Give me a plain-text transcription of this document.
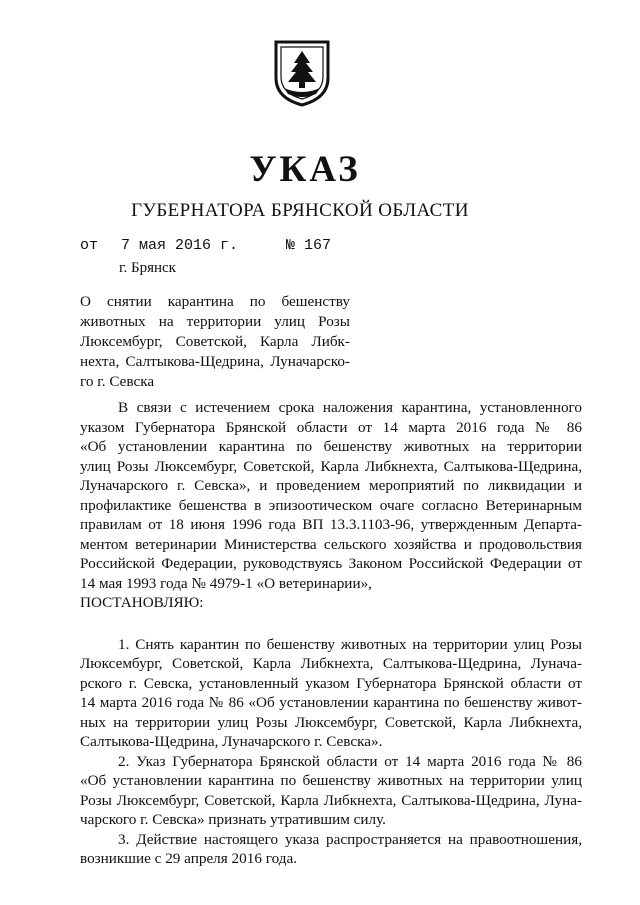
УКАЗ
ГУБЕРНАТОРА БРЯНСКОЙ ОБЛАСТИ
от 7 мая 2016 г.	№ 167
г. Брянск
О снятии карантина по бешенству
животных на территории улиц Розы
Люксембург, Советской, Карла Либк-
нехта, Салтыкова-Щедрина, Луначарско-
го г. Севска
В связи с истечением срока наложения карантина, установленного
указом Губернатора Брянской области от 14 марта 2016 года № 86
«Об установлении карантина по бешенству животных на территории
улиц Розы Люксембург, Советской, Карла Либкнехта, Салтыкова-Щедрина,
Луначарского г. Севска», и проведением мероприятий по ликвидации и
профилактике бешенства в эпизоотическом очаге согласно Ветеринарным
правилам от 18 июня 1996 года ВП 13.3.1103-96, утвержденным Департа-
ментом ветеринарии Министерства сельского хозяйства и продовольствия
Российской Федерации, руководствуясь Законом Российской Федерации от
14 мая 1993 года № 4979-1 «О ветеринарии»,
ПОСТАНОВЛЯЮ:
1. Снять карантин по бешенству животных на территории улиц Розы
Люксембург, Советской, Карла Либкнехта, Салтыкова-Щедрина, Лунача-
рского г. Севска, установленный указом Губернатора Брянской области от
14 марта 2016 года № 86 «Об установлении карантина по бешенству живот-
ных на территории улиц Розы Люксембург, Советской, Карла Либкнехта,
Салтыкова-Щедрина, Луначарского г. Севска».
2. Указ Губернатора Брянской области от 14 марта 2016 года № 86
«Об установлении карантина по бешенству животных на территории улиц
Розы Люксембург, Советской, Карла Либкнехта, Салтыкова-Щедрина, Луна-
чарского г. Севска» признать утратившим силу.
3. Действие настоящего указа распространяется на правоотношения,
возникшие с 29 апреля 2016 года.
